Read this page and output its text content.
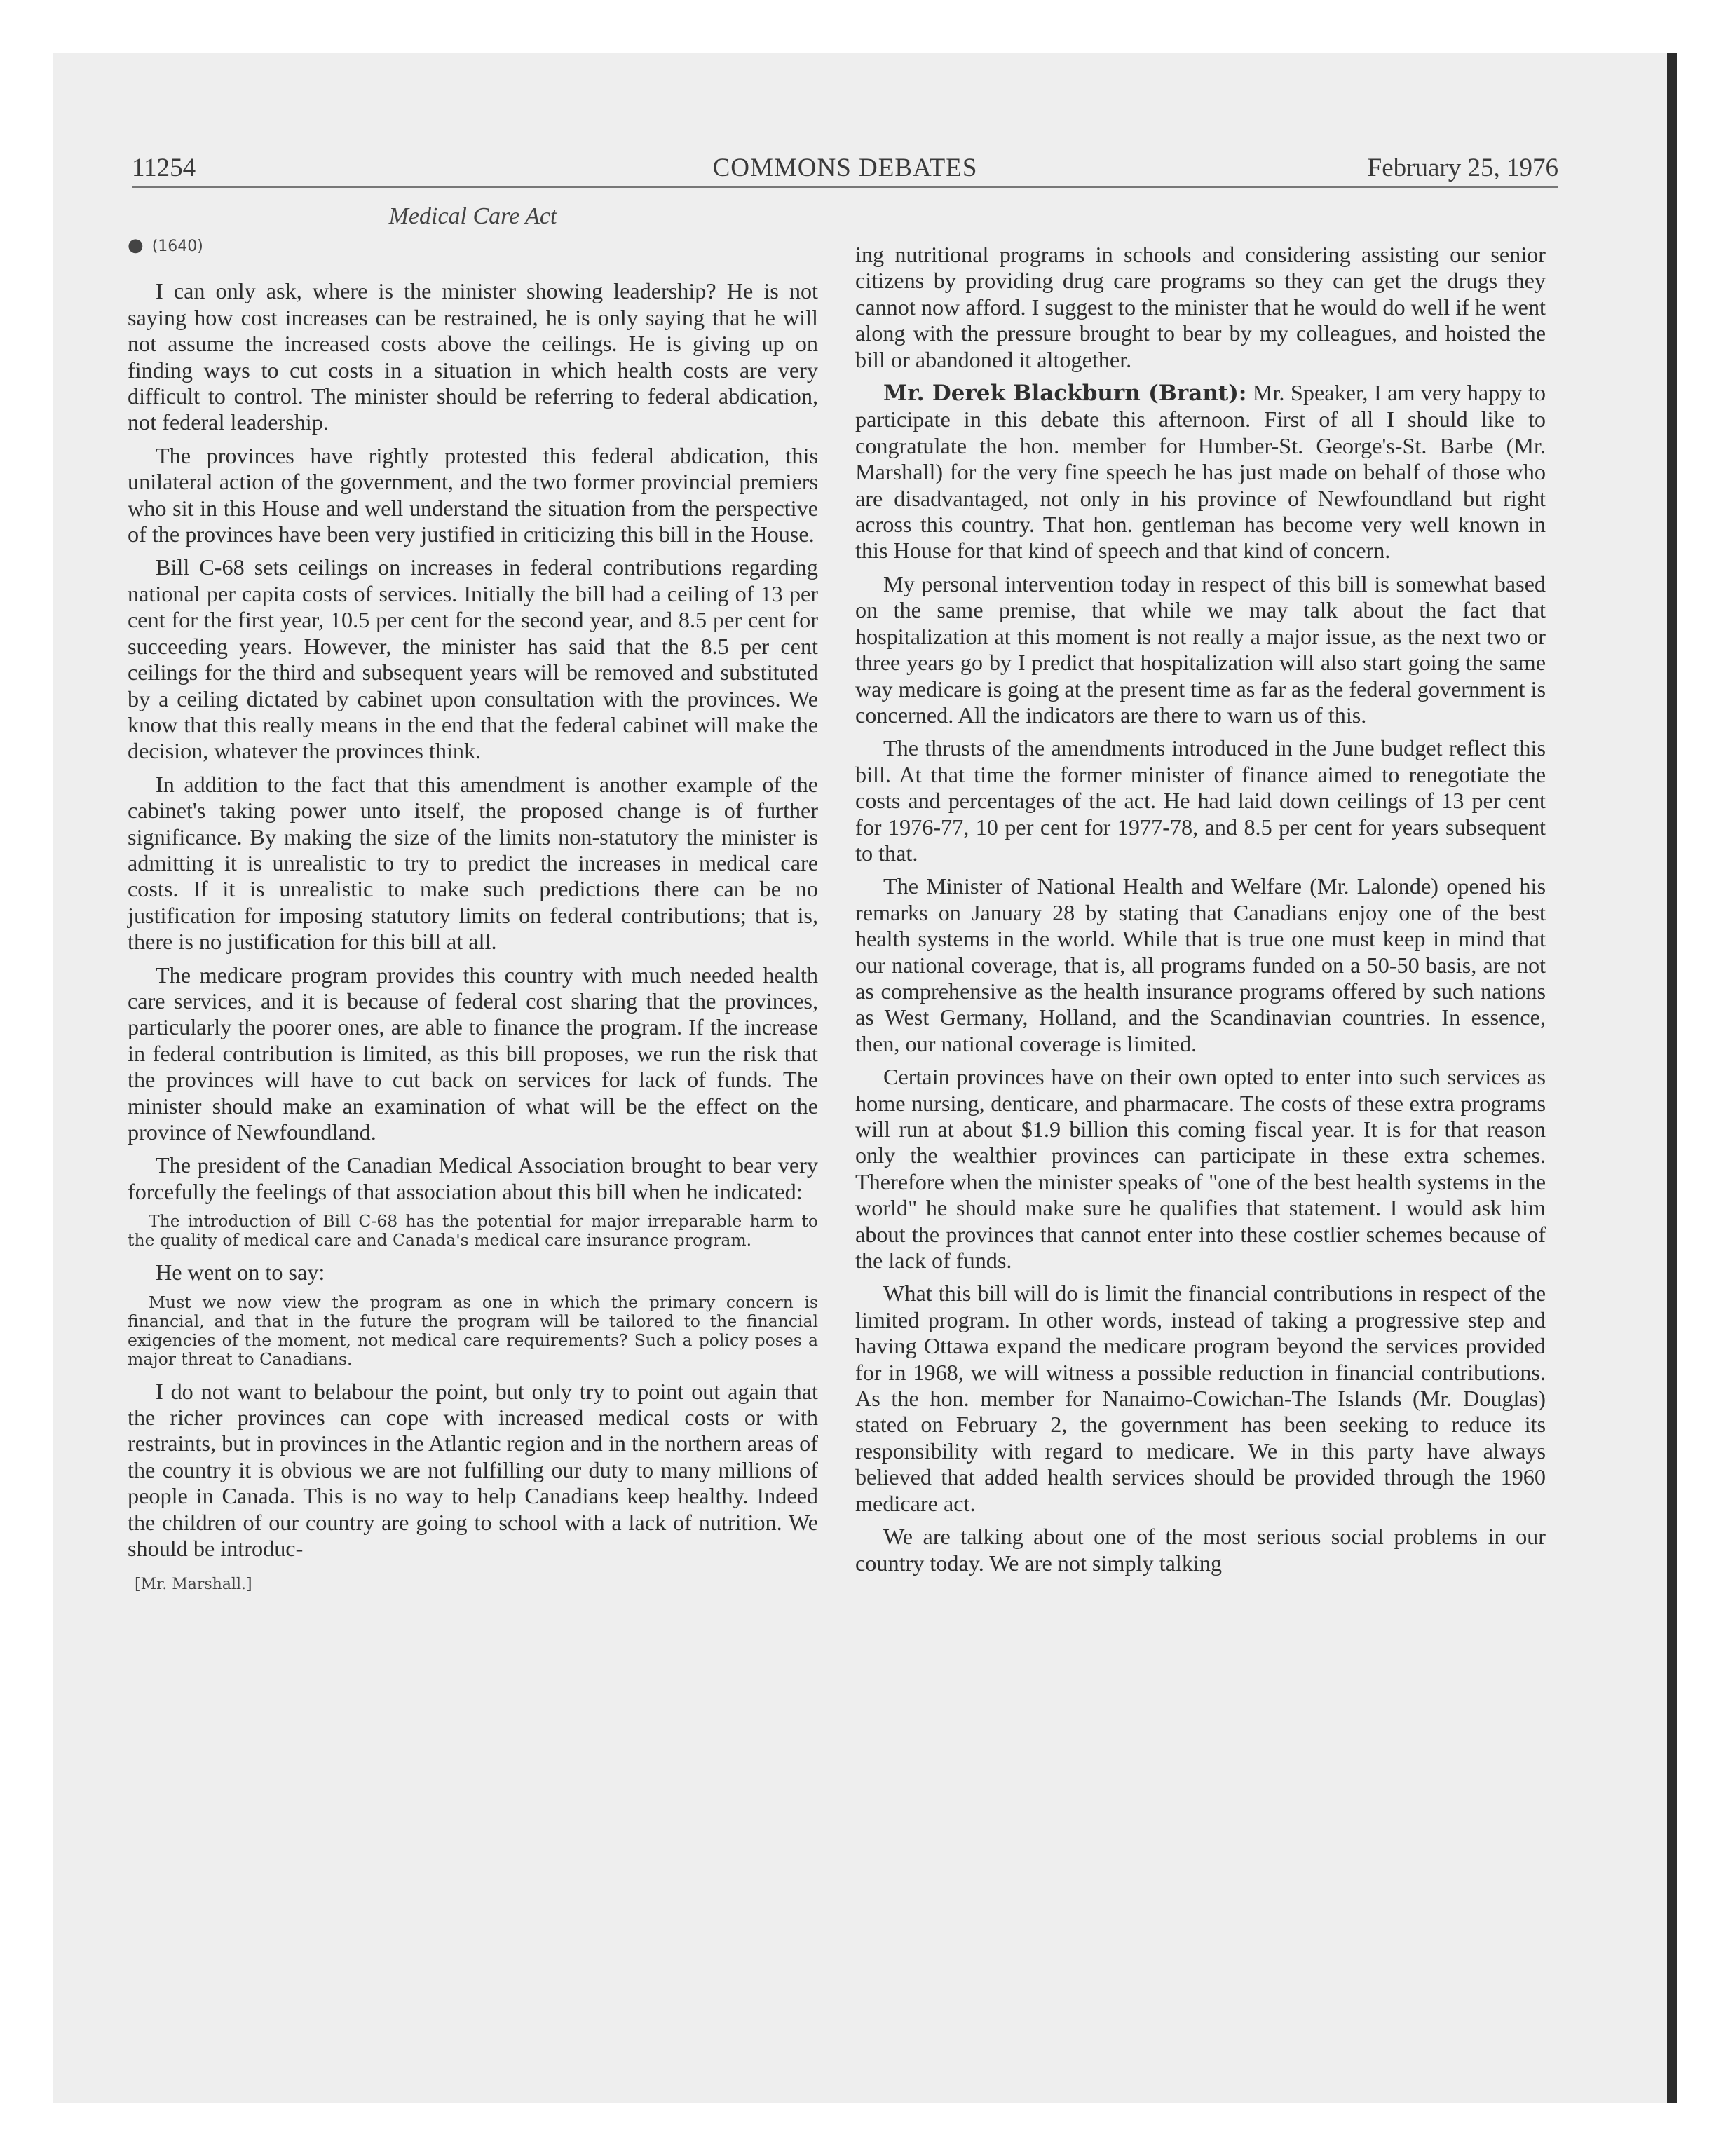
11254	COMMONS DEBATES	February 25, 1976
Medical Care Act
● (1640)

I can only ask, where is the minister showing leadership? He is not saying how cost increases can be restrained, he is only saying that he will not assume the increased costs above the ceilings. He is giving up on finding ways to cut costs in a situation in which health costs are very difficult to control. The minister should be referring to federal abdication, not federal leadership.

The provinces have rightly protested this federal abdication, this unilateral action of the government, and the two former provincial premiers who sit in this House and well understand the situation from the perspective of the provinces have been very justified in criticizing this bill in the House.

Bill C-68 sets ceilings on increases in federal contributions regarding national per capita costs of services. Initially the bill had a ceiling of 13 per cent for the first year, 10.5 per cent for the second year, and 8.5 per cent for succeeding years. However, the minister has said that the 8.5 per cent ceilings for the third and subsequent years will be removed and substituted by a ceiling dictated by cabinet upon consultation with the provinces. We know that this really means in the end that the federal cabinet will make the decision, whatever the provinces think.

In addition to the fact that this amendment is another example of the cabinet's taking power unto itself, the proposed change is of further significance. By making the size of the limits non-statutory the minister is admitting it is unrealistic to try to predict the increases in medical care costs. If it is unrealistic to make such predictions there can be no justification for imposing statutory limits on federal contributions; that is, there is no justification for this bill at all.

The medicare program provides this country with much needed health care services, and it is because of federal cost sharing that the provinces, particularly the poorer ones, are able to finance the program. If the increase in federal contribution is limited, as this bill proposes, we run the risk that the provinces will have to cut back on services for lack of funds. The minister should make an examination of what will be the effect on the province of Newfoundland.

The president of the Canadian Medical Association brought to bear very forcefully the feelings of that association about this bill when he indicated:

The introduction of Bill C-68 has the potential for major irreparable harm to the quality of medical care and Canada's medical care insurance program.

He went on to say:

Must we now view the program as one in which the primary concern is financial, and that in the future the program will be tailored to the financial exigencies of the moment, not medical care requirements? Such a policy poses a major threat to Canadians.

I do not want to belabour the point, but only try to point out again that the richer provinces can cope with increased medical costs or with restraints, but in provinces in the Atlantic region and in the northern areas of the country it is obvious we are not fulfilling our duty to many millions of people in Canada. This is no way to help Canadians keep healthy. Indeed the children of our country are going to school with a lack of nutrition. We should be introduc-

[Mr. Marshall.]

ing nutritional programs in schools and considering assisting our senior citizens by providing drug care programs so they can get the drugs they cannot now afford. I suggest to the minister that he would do well if he went along with the pressure brought to bear by my colleagues, and hoisted the bill or abandoned it altogether.

Mr. Derek Blackburn (Brant): Mr. Speaker, I am very happy to participate in this debate this afternoon. First of all I should like to congratulate the hon. member for Humber-St. George's-St. Barbe (Mr. Marshall) for the very fine speech he has just made on behalf of those who are disadvantaged, not only in his province of Newfoundland but right across this country. That hon. gentleman has become very well known in this House for that kind of speech and that kind of concern.

My personal intervention today in respect of this bill is somewhat based on the same premise, that while we may talk about the fact that hospitalization at this moment is not really a major issue, as the next two or three years go by I predict that hospitalization will also start going the same way medicare is going at the present time as far as the federal government is concerned. All the indicators are there to warn us of this.

The thrusts of the amendments introduced in the June budget reflect this bill. At that time the former minister of finance aimed to renegotiate the costs and percentages of the act. He had laid down ceilings of 13 per cent for 1976-77, 10 per cent for 1977-78, and 8.5 per cent for years subsequent to that.

The Minister of National Health and Welfare (Mr. Lalonde) opened his remarks on January 28 by stating that Canadians enjoy one of the best health systems in the world. While that is true one must keep in mind that our national coverage, that is, all programs funded on a 50-50 basis, are not as comprehensive as the health insurance programs offered by such nations as West Germany, Holland, and the Scandinavian countries. In essence, then, our national coverage is limited.

Certain provinces have on their own opted to enter into such services as home nursing, denticare, and pharmacare. The costs of these extra programs will run at about $1.9 billion this coming fiscal year. It is for that reason only the wealthier provinces can participate in these extra schemes. Therefore when the minister speaks of "one of the best health systems in the world" he should make sure he qualifies that statement. I would ask him about the provinces that cannot enter into these costlier schemes because of the lack of funds.

What this bill will do is limit the financial contributions in respect of the limited program. In other words, instead of taking a progressive step and having Ottawa expand the medicare program beyond the services provided for in 1968, we will witness a possible reduction in financial contributions. As the hon. member for Nanaimo-Cowichan-The Islands (Mr. Douglas) stated on February 2, the government has been seeking to reduce its responsibility with regard to medicare. We in this party have always believed that added health services should be provided through the 1960 medicare act.

We are talking about one of the most serious social problems in our country today. We are not simply talking
